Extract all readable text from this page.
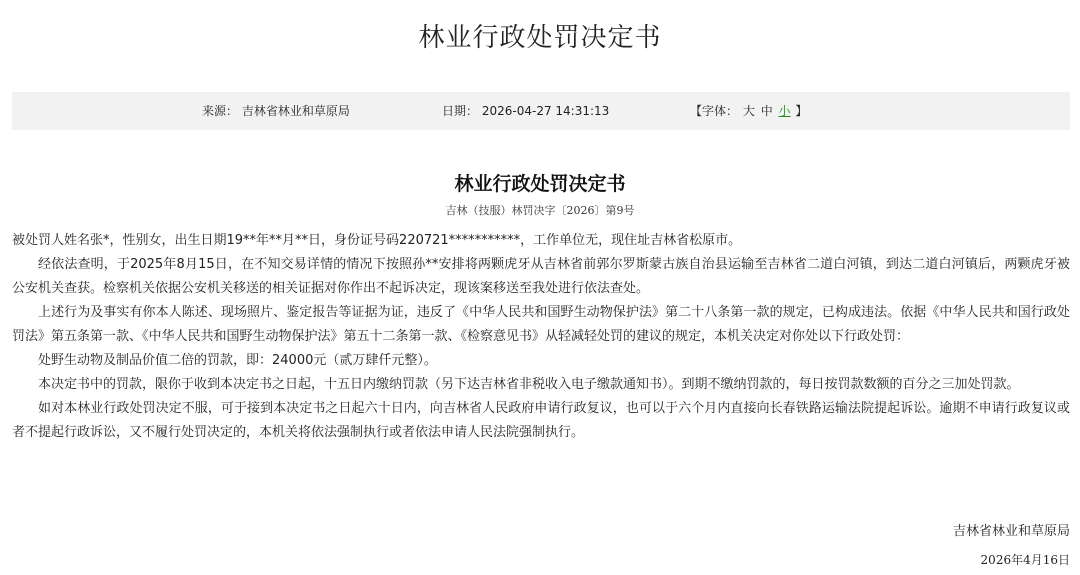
林业行政处罚决定书
来源： 吉林省林业和草原局	日期： 2026-04-27 14:31:13	【字体： 大 中 小 】
林业行政处罚决定书
吉林（技服）林罚决字〔2026〕第9号

被处罚人姓名张*，性别女，出生日期19**年**月**日，身份证号码220721***********，工作单位无，现住址吉林省松原市。

经依法查明，于2025年8月15日，在不知交易详情的情况下按照孙**安排将两颗虎牙从吉林省前郭尔罗斯蒙古族自治县运输至吉林省二道白河镇，到达二道白河镇后，两颗虎牙被公安机关查获。检察机关依据公安机关移送的相关证据对你作出不起诉决定，现该案移送至我处进行依法查处。

上述行为及事实有你本人陈述、现场照片、鉴定报告等证据为证，违反了《中华人民共和国野生动物保护法》第二十八条第一款的规定，已构成违法。依据《中华人民共和国行政处罚法》第五条第一款、《中华人民共和国野生动物保护法》第五十二条第一款、《检察意见书》从轻减轻处罚的建议的规定，本机关决定对你处以下行政处罚：

处野生动物及制品价值二倍的罚款，即：24000元（贰万肆仟元整）。

本决定书中的罚款，限你于收到本决定书之日起，十五日内缴纳罚款（另下达吉林省非税收入电子缴款通知书）。到期不缴纳罚款的，每日按罚款数额的百分之三加处罚款。

如对本林业行政处罚决定不服，可于接到本决定书之日起六十日内，向吉林省人民政府申请行政复议，也可以于六个月内直接向长春铁路运输法院提起诉讼。逾期不申请行政复议或者不提起行政诉讼，又不履行处罚决定的，本机关将依法强制执行或者依法申请人民法院强制执行。

吉林省林业和草原局
2026年4月16日
